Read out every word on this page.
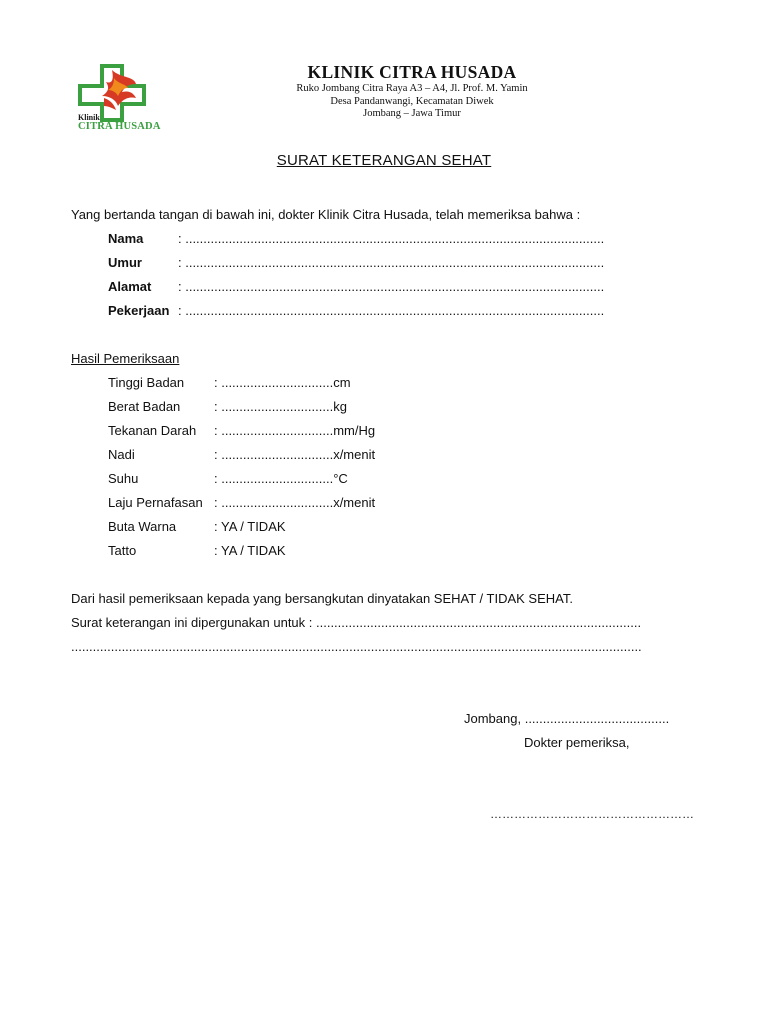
Klinik
CITRA HUSADA
KLINIK CITRA HUSADA
Ruko Jombang Citra Raya A3 – A4, Jl. Prof. M. Yamin
Desa Pandanwangi, Kecamatan Diwek
Jombang – Jawa Timur
SURAT KETERANGAN SEHAT
Yang bertanda tangan di bawah ini, dokter Klinik Citra Husada, telah memeriksa bahwa :
Nama	: ....................................................................................................................
Umur	: ....................................................................................................................
Alamat : ....................................................................................................................
Pekerjaan : ....................................................................................................................
Hasil Pemeriksaan
Tinggi Badan : ...............................cm
Berat Badan	: ...............................kg
Tekanan Darah : ...............................mm/Hg
Nadi	: ...............................x/menit
Suhu	: ...............................°C
Laju Pernafasan : ...............................x/menit
Buta Warna	: YA / TIDAK
Tatto	: YA / TIDAK
Dari hasil pemeriksaan kepada yang bersangkutan dinyatakan SEHAT / TIDAK SEHAT.
Surat keterangan ini dipergunakan untuk : ..........................................................................................
..............................................................................................................................................................
Jombang, ........................................
Dokter pemeriksa,
……………………………………………
